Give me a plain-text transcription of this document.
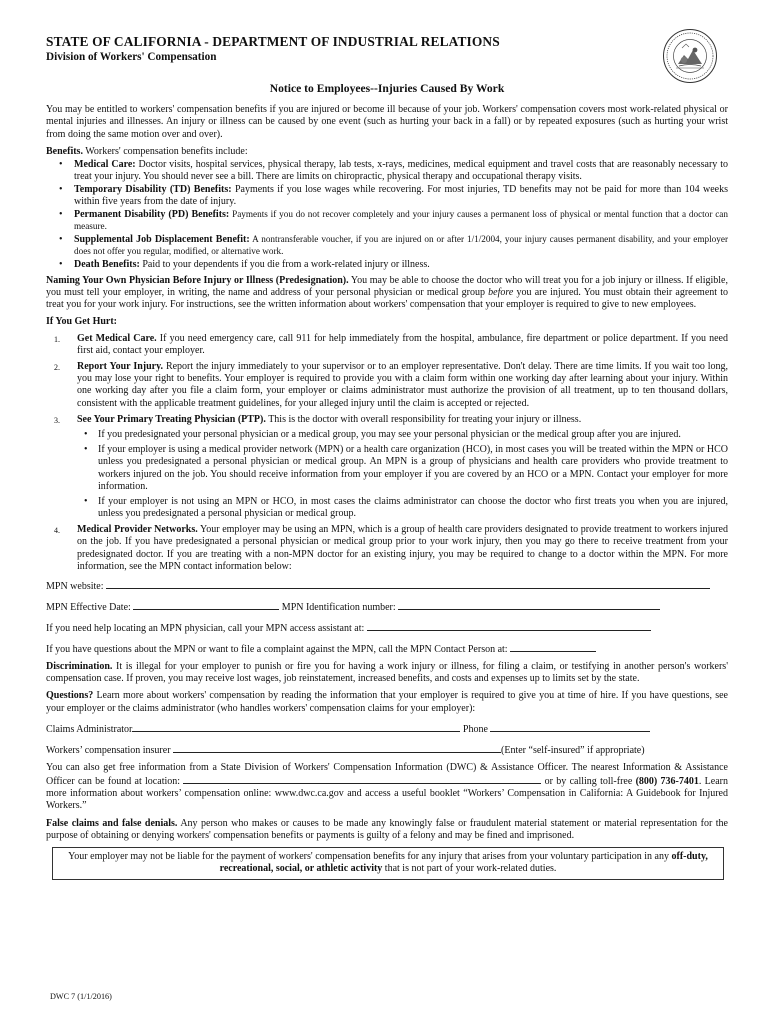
STATE OF CALIFORNIA - DEPARTMENT OF INDUSTRIAL RELATIONS
Division of Workers' Compensation
Notice to Employees--Injuries Caused By Work

You may be entitled to workers' compensation benefits if you are injured or become ill because of your job. Workers' compensation covers most work-related physical or mental injuries and illnesses. An injury or illness can be caused by one event (such as hurting your back in a fall) or by repeated exposures (such as hurting your wrist from doing the same motion over and over).

Benefits. Workers' compensation benefits include:

• Medical Care: Doctor visits, hospital services, physical therapy, lab tests, x-rays, medicines, medical equipment and travel costs that are reasonably necessary to treat your injury. You should never see a bill. There are limits on chiropractic, physical therapy and occupational therapy visits.
• Temporary Disability (TD) Benefits: Payments if you lose wages while recovering. For most injuries, TD benefits may not be paid for more than 104 weeks within five years from the date of injury.
• Permanent Disability (PD) Benefits: Payments if you do not recover completely and your injury causes a permanent loss of physical or mental function that a doctor can measure.
• Supplemental Job Displacement Benefit: A nontransferable voucher, if you are injured on or after 1/1/2004, your injury causes permanent disability, and your employer does not offer you regular, modified, or alternative work.
• Death Benefits: Paid to your dependents if you die from a work-related injury or illness.

Naming Your Own Physician Before Injury or Illness (Predesignation). You may be able to choose the doctor who will treat you for a job injury or illness. If eligible, you must tell your employer, in writing, the name and address of your personal physician or medical group before you are injured. You must obtain their agreement to treat you for your work injury. For instructions, see the written information about workers' compensation that your employer is required to give to new employees.

If You Get Hurt:

1. Get Medical Care. If you need emergency care, call 911 for help immediately from the hospital, ambulance, fire department or police department. If you need first aid, contact your employer.
2. Report Your Injury. Report the injury immediately to your supervisor or to an employer representative. Don't delay. There are time limits. If you wait too long, you may lose your right to benefits. Your employer is required to provide you with a claim form within one working day after learning about your injury. Within one working day after you file a claim form, your employer or claims administrator must authorize the provision of all treatment, up to ten thousand dollars, consistent with the applicable treatment guidelines, for your alleged injury until the claim is accepted or rejected.
3. See Your Primary Treating Physician (PTP). This is the doctor with overall responsibility for treating your injury or illness.
• If you predesignated your personal physician or a medical group, you may see your personal physician or the medical group after you are injured.
• If your employer is using a medical provider network (MPN) or a health care organization (HCO), in most cases you will be treated within the MPN or HCO unless you predesignated a personal physician or medical group. An MPN is a group of physicians and health care providers who provide treatment to workers injured on the job. You should receive information from your employer if you are covered by an HCO or a MPN. Contact your employer for more information.
• If your employer is not using an MPN or HCO, in most cases the claims administrator can choose the doctor who first treats you when you are injured, unless you predesignated a personal physician or medical group.
4. Medical Provider Networks. Your employer may be using an MPN, which is a group of health care providers designated to provide treatment to workers injured on the job. If you have predesignated a personal physician or medical group prior to your work injury, then you may go there to receive treatment from your predesignated doctor. If you are treating with a non-MPN doctor for an existing injury, you may be required to change to a doctor within the MPN. For more information, see the MPN contact information below:
MPN website:
MPN Effective Date:	MPN Identification number:
If you need help locating an MPN physician, call your MPN access assistant at:
If you have questions about the MPN or want to file a complaint against the MPN, call the MPN Contact Person at:

Discrimination. It is illegal for your employer to punish or fire you for having a work injury or illness, for filing a claim, or testifying in another person's workers' compensation case. If proven, you may receive lost wages, job reinstatement, increased benefits, and costs and expenses up to limits set by the state.

Questions? Learn more about workers' compensation by reading the information that your employer is required to give you at time of hire. If you have questions, see your employer or the claims administrator (who handles workers' compensation claims for your employer):

Claims Administrator	Phone
Workers’ compensation insurer	(Enter “self-insured” if appropriate)

You can also get free information from a State Division of Workers' Compensation Information (DWC) & Assistance Officer. The nearest Information & Assistance Officer can be found at location:	or by calling toll-free (800) 736-7401. Learn more information about workers’ compensation online: www.dwc.ca.gov and access a useful booklet “Workers’ Compensation in California: A Guidebook for Injured Workers.”

False claims and false denials. Any person who makes or causes to be made any knowingly false or fraudulent material statement or material representation for the purpose of obtaining or denying workers' compensation benefits or payments is guilty of a felony and may be fined and imprisoned.

Your employer may not be liable for the payment of workers' compensation benefits for any injury that arises from your voluntary participation in any off-duty, recreational, social, or athletic activity that is not part of your work-related duties.
DWC 7 (1/1/2016)
